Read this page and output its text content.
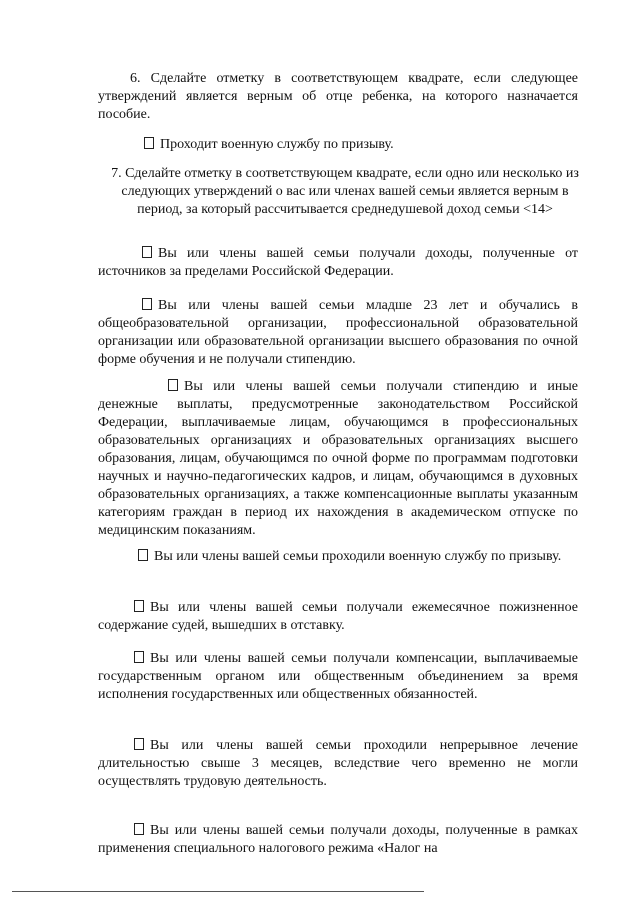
6. Сделайте отметку в соответствующем квадрате, если следующее утверждений является верным об отце ребенка, на которого назначается пособие.

Проходит военную службу по призыву.

7. Сделайте отметку в соответствующем квадрате, если одно или несколько из следующих утверждений о вас или членах вашей семьи является верным в период, за который рассчитывается среднедушевой доход семьи <14>

Вы или члены вашей семьи получали доходы, полученные от источников за пределами Российской Федерации.

Вы или члены вашей семьи младше 23 лет и обучались в общеобразовательной организации, профессиональной образовательной организации или образовательной организации высшего образования по очной форме обучения и не получали стипендию.

Вы или члены вашей семьи получали стипендию и иные денежные выплаты, предусмотренные законодательством Российской Федерации, выплачиваемые лицам, обучающимся в профессиональных образовательных организациях и образовательных организациях высшего образования, лицам, обучающимся по очной форме по программам подготовки научных и научно-педагогических кадров, и лицам, обучающимся в духовных образовательных организациях, а также компенсационные выплаты указанным категориям граждан в период их нахождения в академическом отпуске по медицинским показаниям.

Вы или члены вашей семьи проходили военную службу по призыву.

Вы или члены вашей семьи получали ежемесячное пожизненное содержание судей, вышедших в отставку.

Вы или члены вашей семьи получали компенсации, выплачиваемые государственным органом или общественным объединением за время исполнения государственных или общественных обязанностей.

Вы или члены вашей семьи проходили непрерывное лечение длительностью свыше 3 месяцев, вследствие чего временно не могли осуществлять трудовую деятельность.

Вы или члены вашей семьи получали доходы, полученные в рамках применения специального налогового режима «Налог на
